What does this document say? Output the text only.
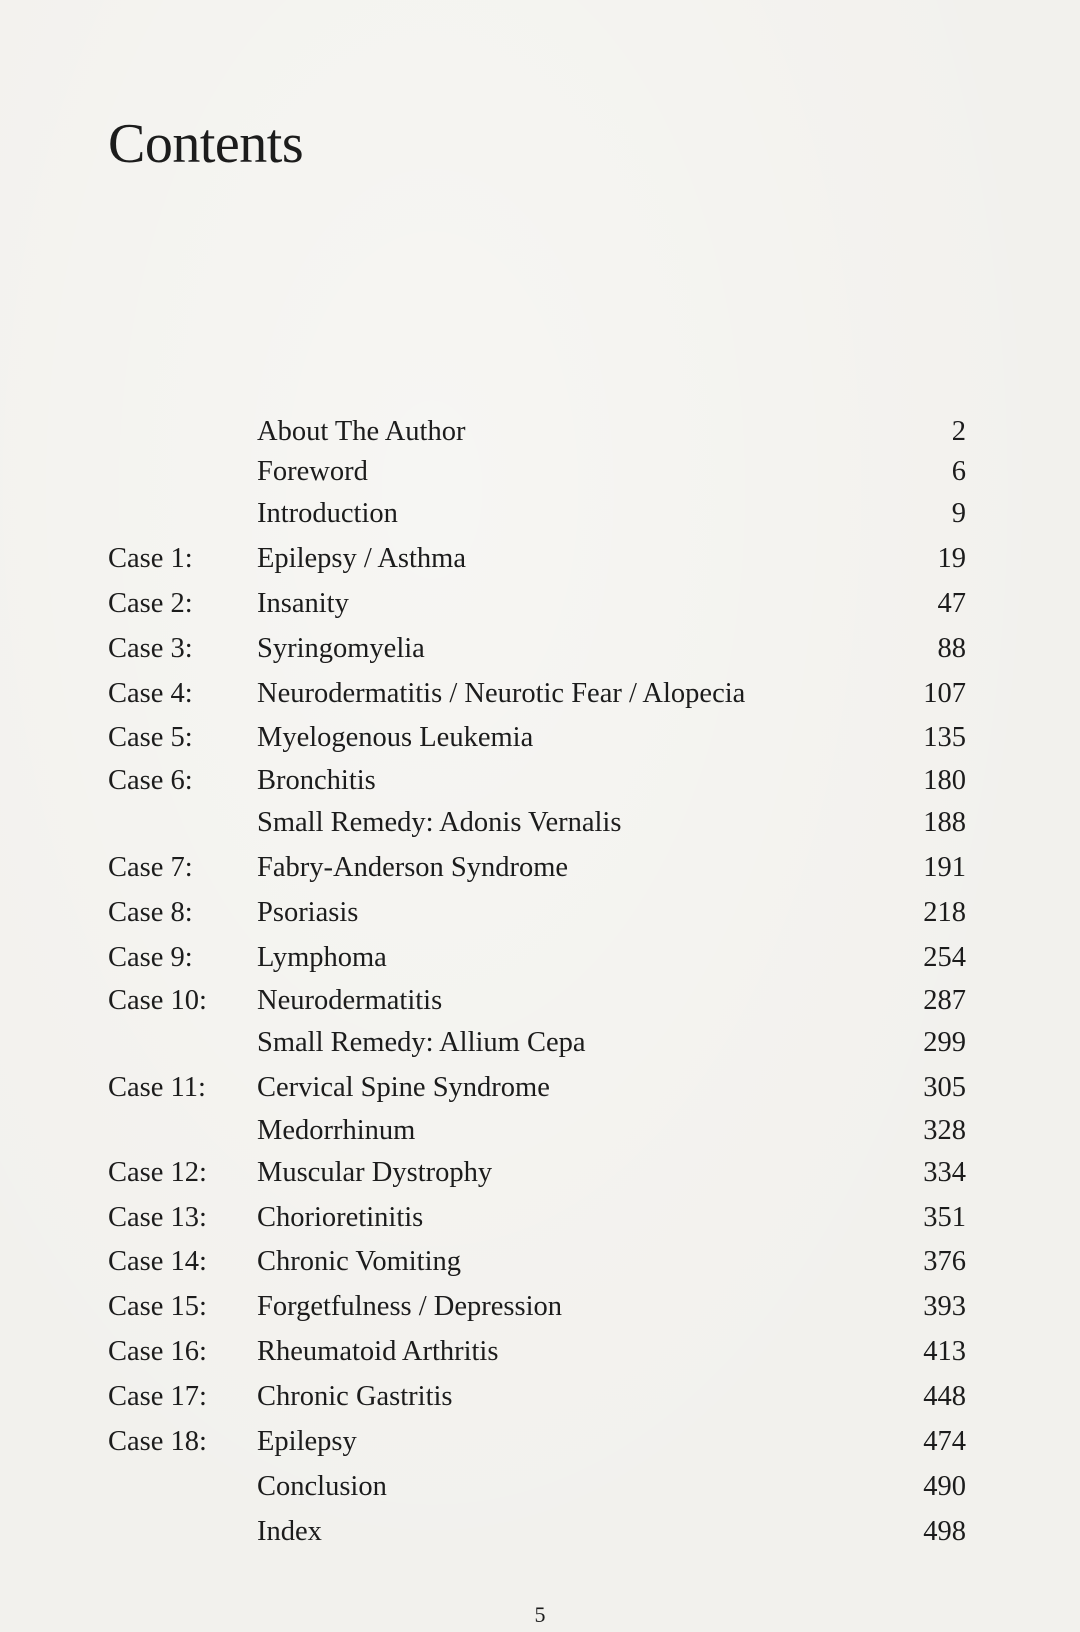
Contents
About The Author	2
Foreword	6
Introduction	9
Case 1: Epilepsy / Asthma	19
Case 2: Insanity	47
Case 3: Syringomyelia	88
Case 4: Neurodermatitis / Neurotic Fear / Alopecia	107
Case 5: Myelogenous Leukemia	135
Case 6: Bronchitis	180
Small Remedy: Adonis Vernalis	188
Case 7: Fabry-Anderson Syndrome	191
Case 8: Psoriasis	218
Case 9: Lymphoma	254
Case 10: Neurodermatitis	287
Small Remedy: Allium Cepa	299
Case 11: Cervical Spine Syndrome	305
Medorrhinum	328
Case 12: Muscular Dystrophy	334
Case 13: Chorioretinitis	351
Case 14: Chronic Vomiting	376
Case 15: Forgetfulness / Depression	393
Case 16: Rheumatoid Arthritis	413
Case 17: Chronic Gastritis	448
Case 18: Epilepsy	474
Conclusion	490
Index	498
5
